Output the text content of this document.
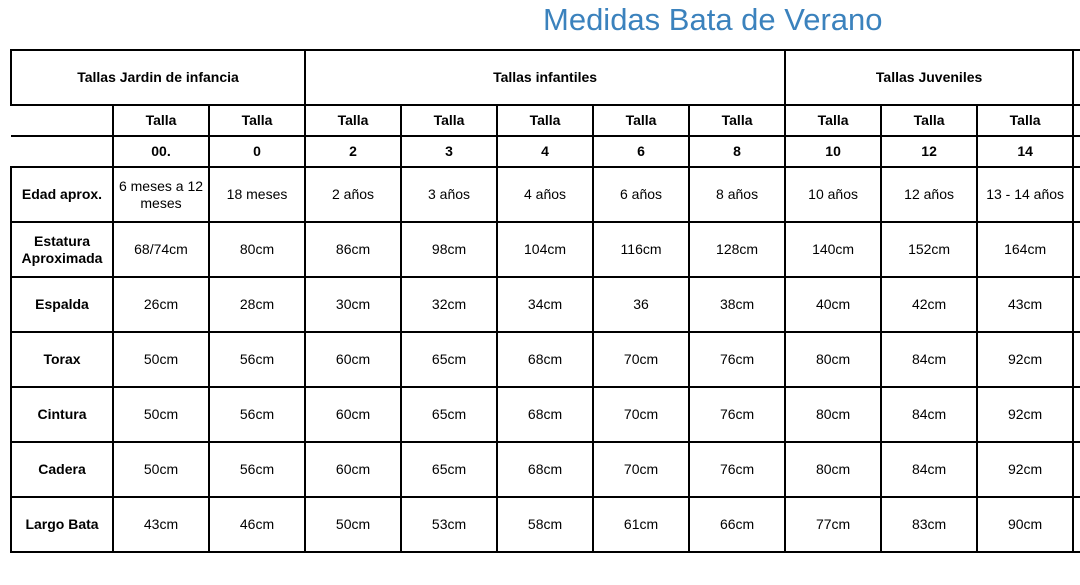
Medidas Bata de Verano
Tallas Jardin de infancia			Tallas infantiles					Tallas Juveniles			
	Talla	Talla	Talla	Talla	Talla	Talla	Talla	Talla	Talla	Talla	
	00.	0	2	3	4	6	8	10	12	14	
Edad aprox.	6 meses a 12 meses	18 meses	2 años	3 años	4 años	6 años	8 años	10 años	12 años	13 - 14 años	
Estatura Aproximada	68/74cm	80cm	86cm	98cm	104cm	116cm	128cm	140cm	152cm	164cm	
Espalda	26cm	28cm	30cm	32cm	34cm	36	38cm	40cm	42cm	43cm	
Torax	50cm	56cm	60cm	65cm	68cm	70cm	76cm	80cm	84cm	92cm	
Cintura	50cm	56cm	60cm	65cm	68cm	70cm	76cm	80cm	84cm	92cm	
Cadera	50cm	56cm	60cm	65cm	68cm	70cm	76cm	80cm	84cm	92cm	
Largo Bata	43cm	46cm	50cm	53cm	58cm	61cm	66cm	77cm	83cm	90cm	
